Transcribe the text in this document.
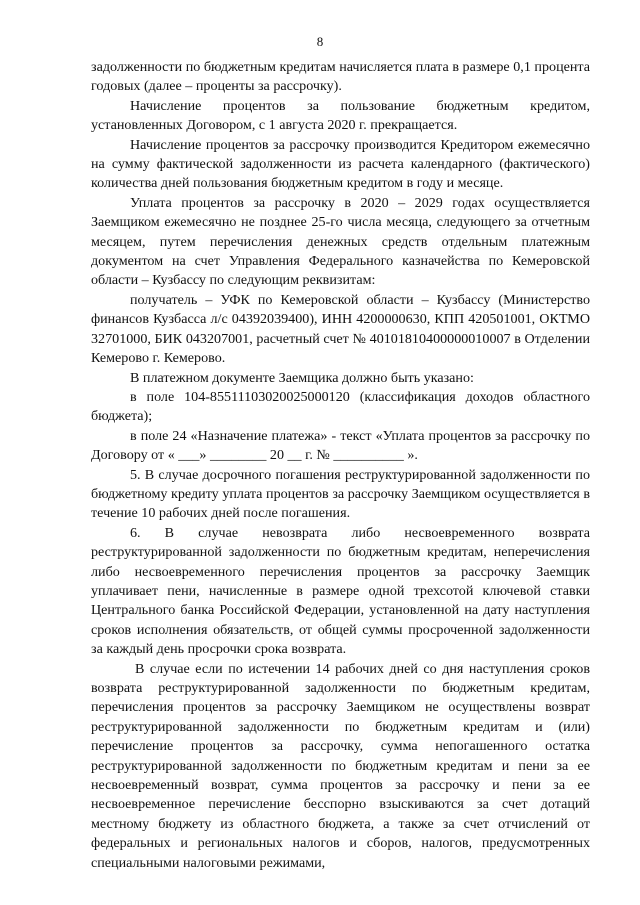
8

задолженности по бюджетным кредитам начисляется плата в размере 0,1 процента годовых (далее – проценты за рассрочку).

Начисление процентов за пользование бюджетным кредитом, установленных Договором, с 1 августа 2020 г. прекращается.

Начисление процентов за рассрочку производится Кредитором ежемесячно на сумму фактической задолженности из расчета календарного (фактического) количества дней пользования бюджетным кредитом в году и месяце.

Уплата процентов за рассрочку в 2020 – 2029 годах осуществляется Заемщиком ежемесячно не позднее 25-го числа месяца, следующего за отчетным месяцем, путем перечисления денежных средств отдельным платежным документом на счет Управления Федерального казначейства по Кемеровской области – Кузбассу по следующим реквизитам:

получатель – УФК по Кемеровской области – Кузбассу (Министерство финансов Кузбасса л/с 04392039400), ИНН 4200000630, КПП 420501001, ОКТМО 32701000, БИК 043207001, расчетный счет № 40101810400000010007 в Отделении Кемерово г. Кемерово.

В платежном документе Заемщика должно быть указано:

в поле 104-85511103020025000120 (классификация доходов областного бюджета);

в поле 24 «Назначение платежа» - текст «Уплата процентов за рассрочку по Договору от « ___» ________ 20 __ г. № __________ ».

5. В случае досрочного погашения реструктурированной задолженности по бюджетному кредиту уплата процентов за рассрочку Заемщиком осуществляется в течение 10 рабочих дней после погашения.

6. В случае невозврата либо несвоевременного возврата реструктурированной задолженности по бюджетным кредитам, неперечисления либо несвоевременного перечисления процентов за рассрочку Заемщик уплачивает пени, начисленные в размере одной трехсотой ключевой ставки Центрального банка Российской Федерации, установленной на дату наступления сроков исполнения обязательств, от общей суммы просроченной задолженности за каждый день просрочки срока возврата.

В случае если по истечении 14 рабочих дней со дня наступления сроков возврата реструктурированной задолженности по бюджетным кредитам, перечисления процентов за рассрочку Заемщиком не осуществлены возврат реструктурированной задолженности по бюджетным кредитам и (или) перечисление процентов за рассрочку, сумма непогашенного остатка реструктурированной задолженности по бюджетным кредитам и пени за ее несвоевременный возврат, сумма процентов за рассрочку и пени за ее несвоевременное перечисление бесспорно взыскиваются за счет дотаций местному бюджету из областного бюджета, а также за счет отчислений от федеральных и региональных налогов и сборов, налогов, предусмотренных специальными налоговыми режимами,
